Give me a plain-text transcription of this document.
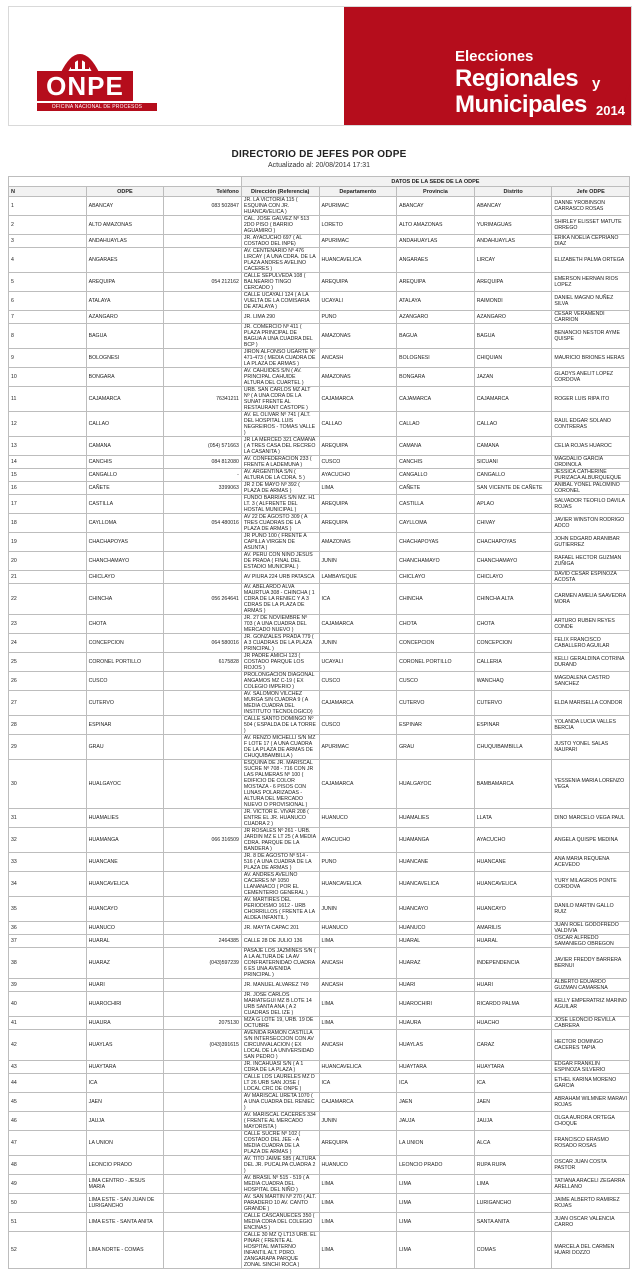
ONPE
OFICINA NACIONAL DE PROCESOS ELECTORALES
Elecciones
Regionales y
Municipales 2014
DIRECTORIO DE JEFES POR ODPE
Actualizado al: 20/08/2014 17:31
			DATOS DE LA SEDE DE LA ODPE				
N	ODPE	Teléfono	Dirección (Referencia)	Departamento	Provincia	Distrito	Jefe ODPE
1	ABANCAY	083 502847	JR. LA VICTORIA 115 ( ESQUINA CON JR. HUANCAVELICA )	APURIMAC	ABANCAY	ABANCAY	DANNE YROBINSON CARRASCO ROSAS
2	ALTO AMAZONAS		CAL. JOSE GALVEZ Nº 513 2DO PISO ( BARRIO AGUAMIRO )	LORETO	ALTO AMAZONAS	YURIMAGUAS	SHIRLEY ELISSET MATUTE ORREGO
3	ANDAHUAYLAS		JR. AYACUCHO 697 ( AL COSTADO DEL INPE)	APURIMAC	ANDAHUAYLAS	ANDAHUAYLAS	ERIKA NOELIA CEPRIANO DIAZ
4	ANGARAES		AV. CENTENARIO Nº 476 LIRCAY ( A UNA CDRA. DE LA PLAZA ANDRES AVELINO CACERES )	HUANCAVELICA	ANGARAES	LIRCAY	ELIZABETH PALMA ORTEGA
5	AREQUIPA	054 212162	CALLE SEPULVEDA 108 ( BALNEARIO TINGO CERCADO )	AREQUIPA	AREQUIPA	AREQUIPA	EMERSON HERNAN RIOS LOPEZ
6	ATALAYA		CALLE UCAYALI 124 ( A LA VUELTA DE LA COMISARIA DE ATALAYA )	UCAYALI	ATALAYA	RAIMONDI	DANIEL MAGNO NUÑEZ SILVA
7	AZANGARO		JR. LIMA 290	PUNO	AZANGARO	AZANGARO	CESAR VERAMENDI CARRION
8	BAGUA		JR. COMERCIO Nº 411 ( PLAZA PRINCIPAL DE BAGUA A UNA CUADRA DEL BCP )	AMAZONAS	BAGUA	BAGUA	BENANCIO NESTOR AYME QUISPE
9	BOLOGNESI		JIRON ALFONSO UGARTE Nº 471-473 ( MEDIA CUADRA DE LA PLAZA DE ARMAS )	ANCASH	BOLOGNESI	CHIQUIAN	MAURICIO BRIONES HERAS
10	BONGARA		AV. CAHUIDES S/N ( AV. PRINCIPAL CAHUIDE ALTURA DEL CUARTEL )	AMAZONAS	BONGARA	JAZAN	GLADYS ANELIT LOPEZ CORDOVA
11	CAJAMARCA	76341211	URB. SAN CARLOS MZ ALT Nº ( A UNA CDRA DE LA SUNAT FRENTE AL RESTAURANT CASTOPE )	CAJAMARCA	CAJAMARCA	CAJAMARCA	ROGER LUIS RIPA ITO
12	CALLAO		AV. EL OLIVAR Nº 741 ( ALT. DEL HOSPITAL LUIS NEGREIROS - TOMAS VALLE )	CALLAO	CALLAO	CALLAO	RAUL EDGAR SOLANO CONTRERAS
13	CAMANA	(054) 571663	JR LA MERCED 321 CAMANA ( A TRES CASA DEL RECREO LA CASANITA )	AREQUIPA	CAMANA	CAMANA	CELIA ROJAS HUAROC
14	CANCHIS	084 812080	AV. CONFEDERACION 233 ( FRENTE A LADEMUNA )	CUSCO	CANCHIS	SICUANI	MAGDALIO GARCIA ORDINOLA
15	CANGALLO	-	AV. ARGENTINA S/N ( ALTURA DE LA CDRA. 5 )	AYACUCHO	CANGALLO	CANGALLO	JESSICA CATHERINE PURIZACA ALBURQUEQUE
16	CAÑETE	3399063	JR 2 DE MAYO Nº 392 ( PLAZA DE ARMAS )	LIMA	CAÑETE	SAN VICENTE DE CAÑETE	ANIBAL YONEL PALOMINO CORONEL
17	CASTILLA		FUNDO BARRIAS S/N MZ. H1 LT. 3 ( ALFRENTE DEL HOSTAL MUNICIPAL )	AREQUIPA	CASTILLA	APLAO	SALVADOR TEOFILO DAVILA ROJAS
18	CAYLLOMA	054 480016	AV 22 DE AGOSTO 309 ( A TRES CUADRAS DE LA PLAZA DE ARMAS )	AREQUIPA	CAYLLOMA	CHIVAY	JAVIER WINSTON RODRIGO ADCO
19	CHACHAPOYAS		JR PUNO 100 ( FRENTE A CAPILLA VIRGEN DE ASUNTA )	AMAZONAS	CHACHAPOYAS	CHACHAPOYAS	JOHN EDGARD ARANIBAR GUTIERREZ
20	CHANCHAMAYO		AV. PERU CON NINO JESUS DE PRADA ( FINAL DEL ESTADIO MUNICIPAL )	JUNIN	CHANCHAMAYO	CHANCHAMAYO	RAFAEL HECTOR GUZMAN ZUÑIGA
21	CHICLAYO		AV PIURA 224 URB PATASCA	LAMBAYEQUE	CHICLAYO	CHICLAYO	DAVID CESAR ESPINOZA ACOSTA
22	CHINCHA	056 264641	AV. ABELARDO ALVA MAURTUA 308 - CHINCHA ( 1 CDRA DE LA RENIEC Y A 3 CDRAS DE LA PLAZA DE ARMAS )	ICA	CHINCHA	CHINCHA ALTA	CARMEN AMELIA SAAVEDRA MORA
23	CHOTA		JR. 27 DE NOVIEMBRE Nº 703 ( A UNA CUADRA DEL MERCADO NUEVO )	CAJAMARCA	CHOTA	CHOTA	ARTURO RUBEN REYES CONDE
24	CONCEPCION	064 580016	JR. GONZALES PRADA 779 ( A 3 CUADRAS DE LA PLAZA PRINCIPAL )	JUNIN	CONCEPCION	CONCEPCION	FELIX FRANCISCO CABALLERO AGUILAR
25	CORONEL PORTILLO	6175828	JR PADRE AMICH 123 ( COSTADO PARQUE LOS ROJOS )	UCAYALI	CORONEL PORTILLO	CALLERIA	KELLI GERALDINA COTRINA DURAND
26	CUSCO		PROLONGACION DIAGONAL ANGAMOS MZ C-19 ( EX COLEGIO IMPERIO )	CUSCO	CUSCO	WANCHAQ	MAGDALENA CASTRO SANCHEZ
27	CUTERVO		AV. SALOMON VILCHEZ MURGA S/N CUADRA 9 ( A MEDIA CUADRA DEL INSTITUTO TECNOLOGICO)	CAJAMARCA	CUTERVO	CUTERVO	ELDA MARISELLA CONDOR
28	ESPINAR		CALLE SANTO DOMINGO Nº 504 ( ESPALDA DE LA TORRE )	CUSCO	ESPINAR	ESPINAR	YOLANDA LUCIA VALLES BERCIA
29	GRAU		AV. RENZO MICHELLI S/N MZ F LOTE 17 ( A UNA CUADRA DE LA PLAZA DE ARMAS DE CHUQUIBAMBILLA )	APURIMAC	GRAU	CHUQUIBAMBILLA	JUSTO YONEL SALAS NAUPARI
30	HUALGAYOC		ESQUINA DE JR. MARISCAL SUCRE Nº 708 - 716 CON JR LAS PALMERAS Nº 100 ( EDIFICIO DE COLOR MOSTAZA - 6 PISOS CON LUNAS POLARIZADAS - ALTURA DEL MERCADO NUEVO O PROVISIONAL )	CAJAMARCA	HUALGAYOC	BAMBAMARCA	YESSENIA MARIA LORENZO VEGA
31	HUAMALIES		JR. VICTOR E. VIVAR 208 ( ENTRE EL JR. HUANUCO CUADRA 2 )	HUANUCO	HUAMALIES	LLATA	DINO MARCELO VEGA PAUL
32	HUAMANGA	066 316509	JR ROSALES Nº 261 - URB. JARDIN MZ E LT 25 ( A MEDIA CDRA. PARQUE DE LA BANDERA )	AYACUCHO	HUAMANGA	AYACUCHO	ANGELA QUISPE MEDINA
33	HUANCANE		JR. 8 DE AGOSTO Nº 514 - 516 ( A UNA CUADRA DE LA PLAZA DE ARMAS )	PUNO	HUANCANE	HUANCANE	ANA MARIA REQUENA ACEVEDO
34	HUANCAVELICA		AV. ANDRES AVELINO CACERES Nº 1050 LLANANACO ( POR EL CEMENTERIO GENERAL )	HUANCAVELICA	HUANCAVELICA	HUANCAVELICA	YURY MILAGROS PONTE CORDOVA
35	HUANCAYO		AV. MARTIRES DEL PERIODISMO 1612 - URB CHORRILLOS ( FRENTE A LA ALDEA INFANTIL )	JUNIN	HUANCAYO	HUANCAYO	DANILO MARTIN GALLO RUIZ
36	HUANUCO		JR. MAYTA CAPAC 201	HUANUCO	HUANUCO	AMARILIS	JUAN ROEL GODOFREDO VALDIVIA
37	HUARAL	2464385	CALLE 28 DE JULIO 136	LIMA	HUARAL	HUARAL	OSCAR ALFREDO SAMANIEGO OBREGON
38	HUARAZ	(043)597239	PASAJE LOS JAZMINES S/N ( A LA ALTURA DE LA AV CONFRATERNIDAD CUADRA 6 ES UNA AVENIDA PRINCIPAL )	ANCASH	HUARAZ	INDEPENDENCIA	JAVIER FREDDY BARRERA BERNUI
39	HUARI		JR. MANUEL ALVAREZ 749	ANCASH	HUARI	HUARI	ALBERTO EDUARDO GUZMAN CAMARENA
40	HUAROCHIRI		JR. JOSE CARLOS MARIATEGUI MZ B LOTE 14 URB SANTA ANA ( A 2 CUADRAS DEL IZE )	LIMA	HUAROCHIRI	RICARDO PALMA	KELLY EMPERATRIZ MARINO AGUILAR
41	HUAURA	2075130	MZA G LOTE 19, URB. 19 DE OCTUBRE	LIMA	HUAURA	HUACHO	JOSE LEONCIO REVILLA CABRERA
42	HUAYLAS	(043)391615	AVENIDA RAMON CASTILLA S/N INTERSECCION CON AV CIRCUNVALACION ( EX LOCAL DE LA UNIVERSIDAD SAN PEDRO )	ANCASH	HUAYLAS	CARAZ	HECTOR DOMINGO CACERES TAPIA
43	HUAYTARA		JR. INCAHUASI S/N ( A 1 CDRA DE LA PLAZA )	HUANCAVELICA	HUAYTARA	HUAYTARA	EDGAR FRANKLIN ESPINOZA SILVERIO
44	ICA		CALLE LOS LAURELES MZ D LT 26 URB SAN JOSE ( LOCAL CRC DE ONPE )	ICA	ICA	ICA	ETHEL KARINA MORENO GARCIA
45	JAEN		AV MARISCAL URETA 1070 ( A UNA CUADRA DEL RENIEC )	CAJAMARCA	JAEN	JAEN	ABRAHAM WILMNER MARAVI ROJAS
46	JAUJA		AV. MARISCAL CACERES 334 ( FRENTE AL MERCADO MAYORISTA )	JUNIN	JAUJA	JAUJA	OLGA AURORA ORTEGA CHOQUE
47	LA UNION		CALLE SUCRE Nº 102 ( COSTADO DEL JEE - A MEDIA CUADRA DE LA PLAZA DE ARMAS )	AREQUIPA	LA UNION	ALCA	FRANCISCO ERASMO ROSADO ROSAS
48	LEONCIO PRADO		AV. TITO JAIME 585 ( ALTURA DEL JR. PUCALPA CUADRA 2 )	HUANUCO	LEONCIO PRADO	RUPA RUPA	OSCAR JUAN COSTA PASTOR
49	LIMA CENTRO - JESUS MARIA		AV. BRASIL Nº 515 - 519 ( A MEDIA CUADRA DEL HOSPITAL DEL NIÑO )	LIMA	LIMA	LIMA	TATIANA ARACELI ZEGARRA ARELLANO
50	LIMA ESTE - SAN JUAN DE LURIGANCHO		AV. SAN MARTIN Nº 270 ( ALT. PARADERO 10 AV. CANTO GRANDE )	LIMA	LIMA	LURIGANCHO	JAIME ALBERTO RAMIREZ ROJAS
51	LIMA ESTE - SANTA ANITA		CALLE CASCANUECES 350 ( MEDIA CDRA DEL COLEGIO ENCINAS )	LIMA	LIMA	SANTA ANITA	JUAN OSCAR VALENCIA CARRO
52	LIMA NORTE - COMAS		CALLE 30 MZ Q LT13 URB. EL PINAR ( FRENTE AL HOSPITAL MATERNO INFANTIL ALT. PDRO. ZANGARAPA PARQUE ZONAL SINCHI ROCA )	LIMA	LIMA	COMAS	MARCELA DEL CARMEN HUARI DOZZO
